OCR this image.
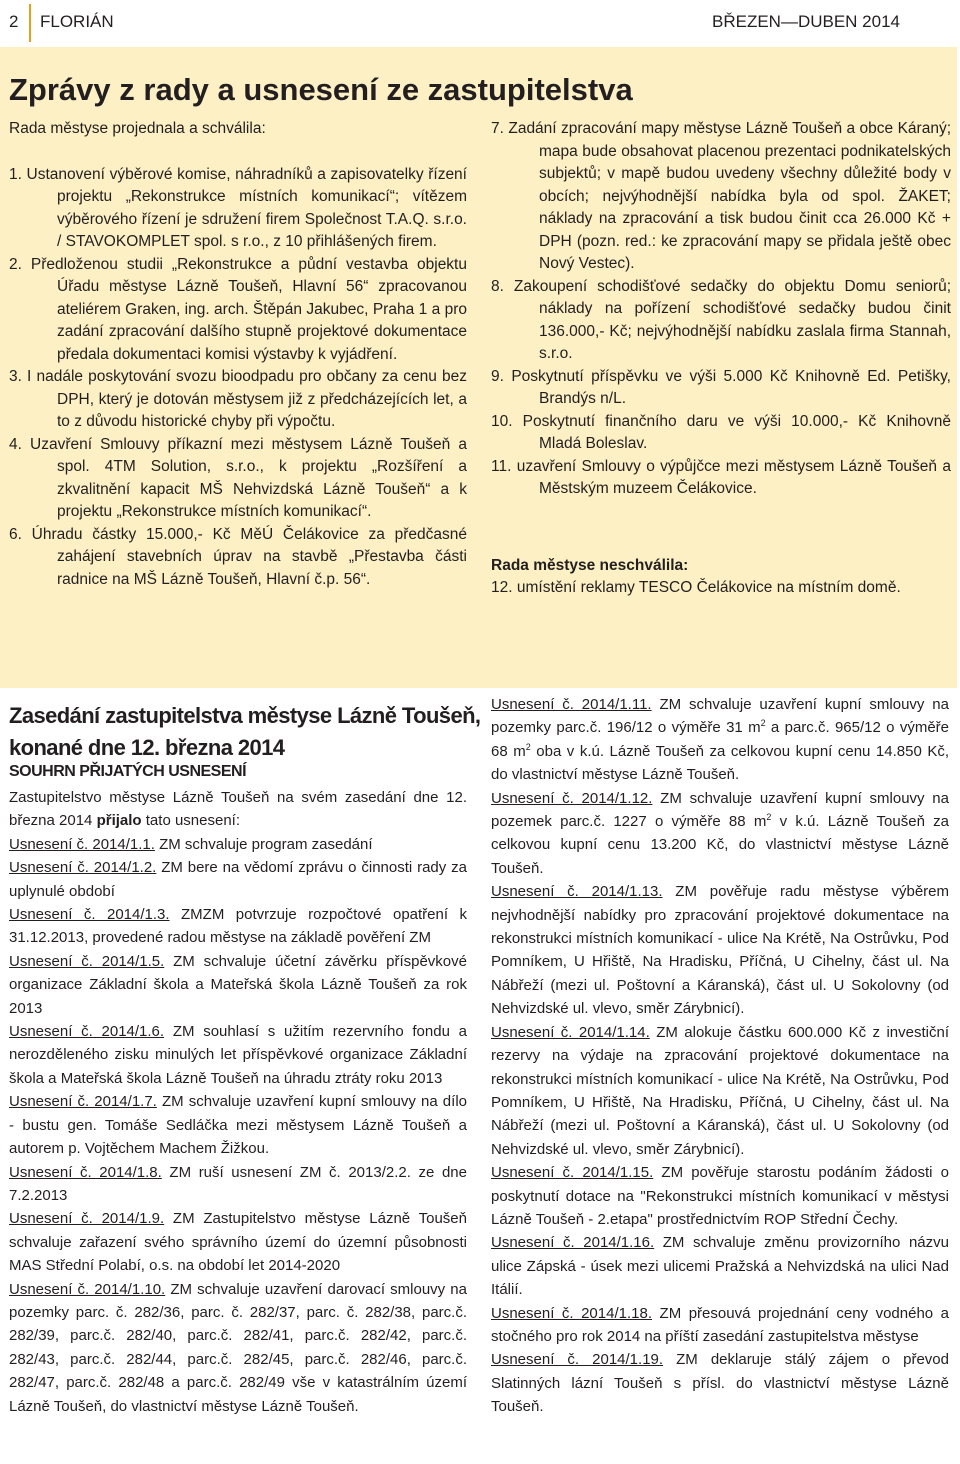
2 FLORIÁN	BŘEZEN—DUBEN 2014
Zprávy z rady a usnesení ze zastupitelstva

Rada městyse projednala a schválila:

1. Ustanovení výběrové komise, náhradníků a zapisovatelky řízení projektu „Rekonstrukce místních komunikací“; vítězem výběrového řízení je sdružení firem Společnost T.A.Q. s.r.o. / STAVOKOMPLET spol. s r.o., z 10 přihlášených firem.

2. Předloženou studii „Rekonstrukce a půdní vestavba objektu Úřadu městyse Lázně Toušeň, Hlavní 56“ zpracovanou ateliérem Graken, ing. arch. Štěpán Jakubec, Praha 1 a pro zadání zpracování dalšího stupně projektové dokumentace předala dokumentaci komisi výstavby k vyjádření.

3. I nadále poskytování svozu bioodpadu pro občany za cenu bez DPH, který je dotován městysem již z předcházejících let, a to z důvodu historické chyby při výpočtu.

4. Uzavření Smlouvy příkazní mezi městysem Lázně Toušeň a spol. 4TM Solution, s.r.o., k projektu „Rozšíření a zkvalitnění kapacit MŠ Nehvizdská Lázně Toušeň“ a k projektu „Rekonstrukce místních komunikací“.

6. Úhradu částky 15.000,- Kč MěÚ Čelákovice za předčasné zahájení stavebních úprav na stavbě „Přestavba části radnice na MŠ Lázně Toušeň, Hlavní č.p. 56“.

7. Zadání zpracování mapy městyse Lázně Toušeň a obce Káraný; mapa bude obsahovat placenou prezentaci podnikatelských subjektů; v mapě budou uvedeny všechny důležité body v obcích; nejvýhodnější nabídka byla od spol. ŽAKET; náklady na zpracování a tisk budou činit cca 26.000 Kč + DPH (pozn. red.: ke zpracování mapy se přidala ještě obec Nový Vestec).

8. Zakoupení schodišťové sedačky do objektu Domu seniorů; náklady na pořízení schodišťové sedačky budou činit 136.000,- Kč; nejvýhodnější nabídku zaslala firma Stannah, s.r.o.

9. Poskytnutí příspěvku ve výši 5.000 Kč Knihovně Ed. Petišky, Brandýs n/L.

10. Poskytnutí finančního daru ve výši 10.000,- Kč Knihovně Mladá Boleslav.

11. uzavření Smlouvy o výpůjčce mezi městysem Lázně Toušeň a Městským muzeem Čelákovice.

Rada městyse neschválila:

12. umístění reklamy TESCO Čelákovice na místním domě.

Zasedání zastupitelstva městyse Lázně Toušeň,
konané dne 12. března 2014
SOUHRN PŘIJATÝCH USNESENÍ

Zastupitelstvo městyse Lázně Toušeň na svém zasedání dne 12. března 2014 přijalo tato usnesení:

Usnesení č. 2014/1.1. ZM schvaluje program zasedání

Usnesení č. 2014/1.2. ZM bere na vědomí zprávu o činnosti rady za uplynulé období

Usnesení č. 2014/1.3. ZMZM potvrzuje rozpočtové opatření k 31.12.2013, provedené radou městyse na základě pověření ZM

Usnesení č. 2014/1.5. ZM schvaluje účetní závěrku příspěvkové organizace Základní škola a Mateřská škola Lázně Toušeň za rok 2013

Usnesení č. 2014/1.6. ZM souhlasí s užitím rezervního fondu a nerozděleného zisku minulých let příspěvkové organizace Základní škola a Mateřská škola Lázně Toušeň na úhradu ztráty roku 2013

Usnesení č. 2014/1.7. ZM schvaluje uzavření kupní smlouvy na dílo - bustu gen. Tomáše Sedláčka mezi městysem Lázně Toušeň a autorem p. Vojtěchem Machem Žižkou.

Usnesení č. 2014/1.8. ZM ruší usnesení ZM č. 2013/2.2. ze dne 7.2.2013

Usnesení č. 2014/1.9. ZM Zastupitelstvo městyse Lázně Toušeň schvaluje zařazení svého správního území do územní působnosti MAS Střední Polabí, o.s. na období let 2014-2020

Usnesení č. 2014/1.10. ZM schvaluje uzavření darovací smlouvy na pozemky parc. č. 282/36, parc. č. 282/37, parc. č. 282/38, parc.č. 282/39, parc.č. 282/40, parc.č. 282/41, parc.č. 282/42, parc.č. 282/43, parc.č. 282/44, parc.č. 282/45, parc.č. 282/46, parc.č. 282/47, parc.č. 282/48 a parc.č. 282/49 vše v katastrálním území Lázně Toušeň, do vlastnictví městyse Lázně Toušeň.

Usnesení č. 2014/1.11. ZM schvaluje uzavření kupní smlouvy na pozemky parc.č. 196/12 o výměře 31 $m^2$ a parc.č. 965/12 o výměře 68 $m^2$ oba v k.ú. Lázně Toušeň za celkovou kupní cenu 14.850 Kč, do vlastnictví městyse Lázně Toušeň.

Usnesení č. 2014/1.12. ZM schvaluje uzavření kupní smlouvy na pozemek parc.č. 1227 o výměře 88 $m^2$ v k.ú. Lázně Toušeň za celkovou kupní cenu 13.200 Kč, do vlastnictví městyse Lázně Toušeň.

Usnesení č. 2014/1.13. ZM pověřuje radu městyse výběrem nejvhodnější nabídky pro zpracování projektové dokumentace na rekonstrukci místních komunikací - ulice Na Krétě, Na Ostrůvku, Pod Pomníkem, U Hřiště, Na Hradisku, Příčná, U Cihelny, část ul. Na Nábřeží (mezi ul. Poštovní a Káranská), část ul. U Sokolovny (od Nehvizdské ul. vlevo, směr Zárybnicí).

Usnesení č. 2014/1.14. ZM alokuje částku 600.000 Kč z investiční rezervy na výdaje na zpracování projektové dokumentace na rekonstrukci místních komunikací - ulice Na Krétě, Na Ostrůvku, Pod Pomníkem, U Hřiště, Na Hradisku, Příčná, U Cihelny, část ul. Na Nábřeží (mezi ul. Poštovní a Káranská), část ul. U Sokolovny (od Nehvizdské ul. vlevo, směr Zárybnicí).

Usnesení č. 2014/1.15. ZM pověřuje starostu podáním žádosti o poskytnutí dotace na "Rekonstrukci místních komunikací v městysi Lázně Toušeň - 2.etapa" prostřednictvím ROP Střední Čechy.

Usnesení č. 2014/1.16. ZM schvaluje změnu provizorního názvu ulice Zápská - úsek mezi ulicemi Pražská a Nehvizdská na ulici Nad Itálií.

Usnesení č. 2014/1.18. ZM přesouvá projednání ceny vodného a stočného pro rok 2014 na příští zasedání zastupitelstva městyse

Usnesení č. 2014/1.19. ZM deklaruje stálý zájem o převod Slatinných lázní Toušeň s přísl. do vlastnictví městyse Lázně Toušeň.
